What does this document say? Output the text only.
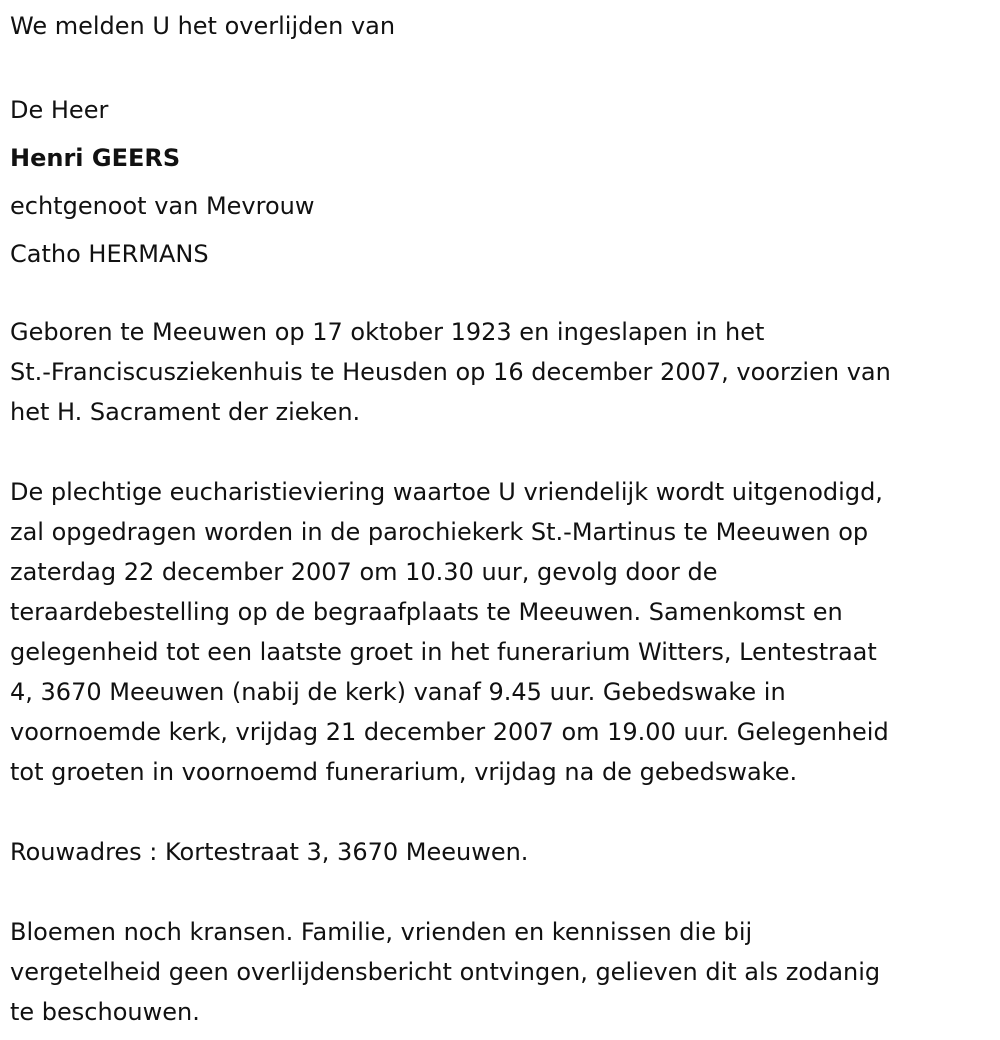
We melden U het overlijden van

De Heer

Henri GEERS

echtgenoot van Mevrouw

Catho HERMANS

Geboren te Meeuwen op 17 oktober 1923 en ingeslapen in het

St.-Franciscusziekenhuis te Heusden op 16 december 2007, voorzien van

het H. Sacrament der zieken.

De plechtige eucharistieviering waartoe U vriendelijk wordt uitgenodigd,

zal opgedragen worden in de parochiekerk St.-Martinus te Meeuwen op

zaterdag 22 december 2007 om 10.30 uur, gevolg door de

teraardebestelling op de begraafplaats te Meeuwen. Samenkomst en

gelegenheid tot een laatste groet in het funerarium Witters, Lentestraat

4, 3670 Meeuwen (nabij de kerk) vanaf 9.45 uur. Gebedswake in

voornoemde kerk, vrijdag 21 december 2007 om 19.00 uur. Gelegenheid

tot groeten in voornoemd funerarium, vrijdag na de gebedswake.

Rouwadres : Kortestraat 3, 3670 Meeuwen.

Bloemen noch kransen. Familie, vrienden en kennissen die bij

vergetelheid geen overlijdensbericht ontvingen, gelieven dit als zodanig

te beschouwen.
